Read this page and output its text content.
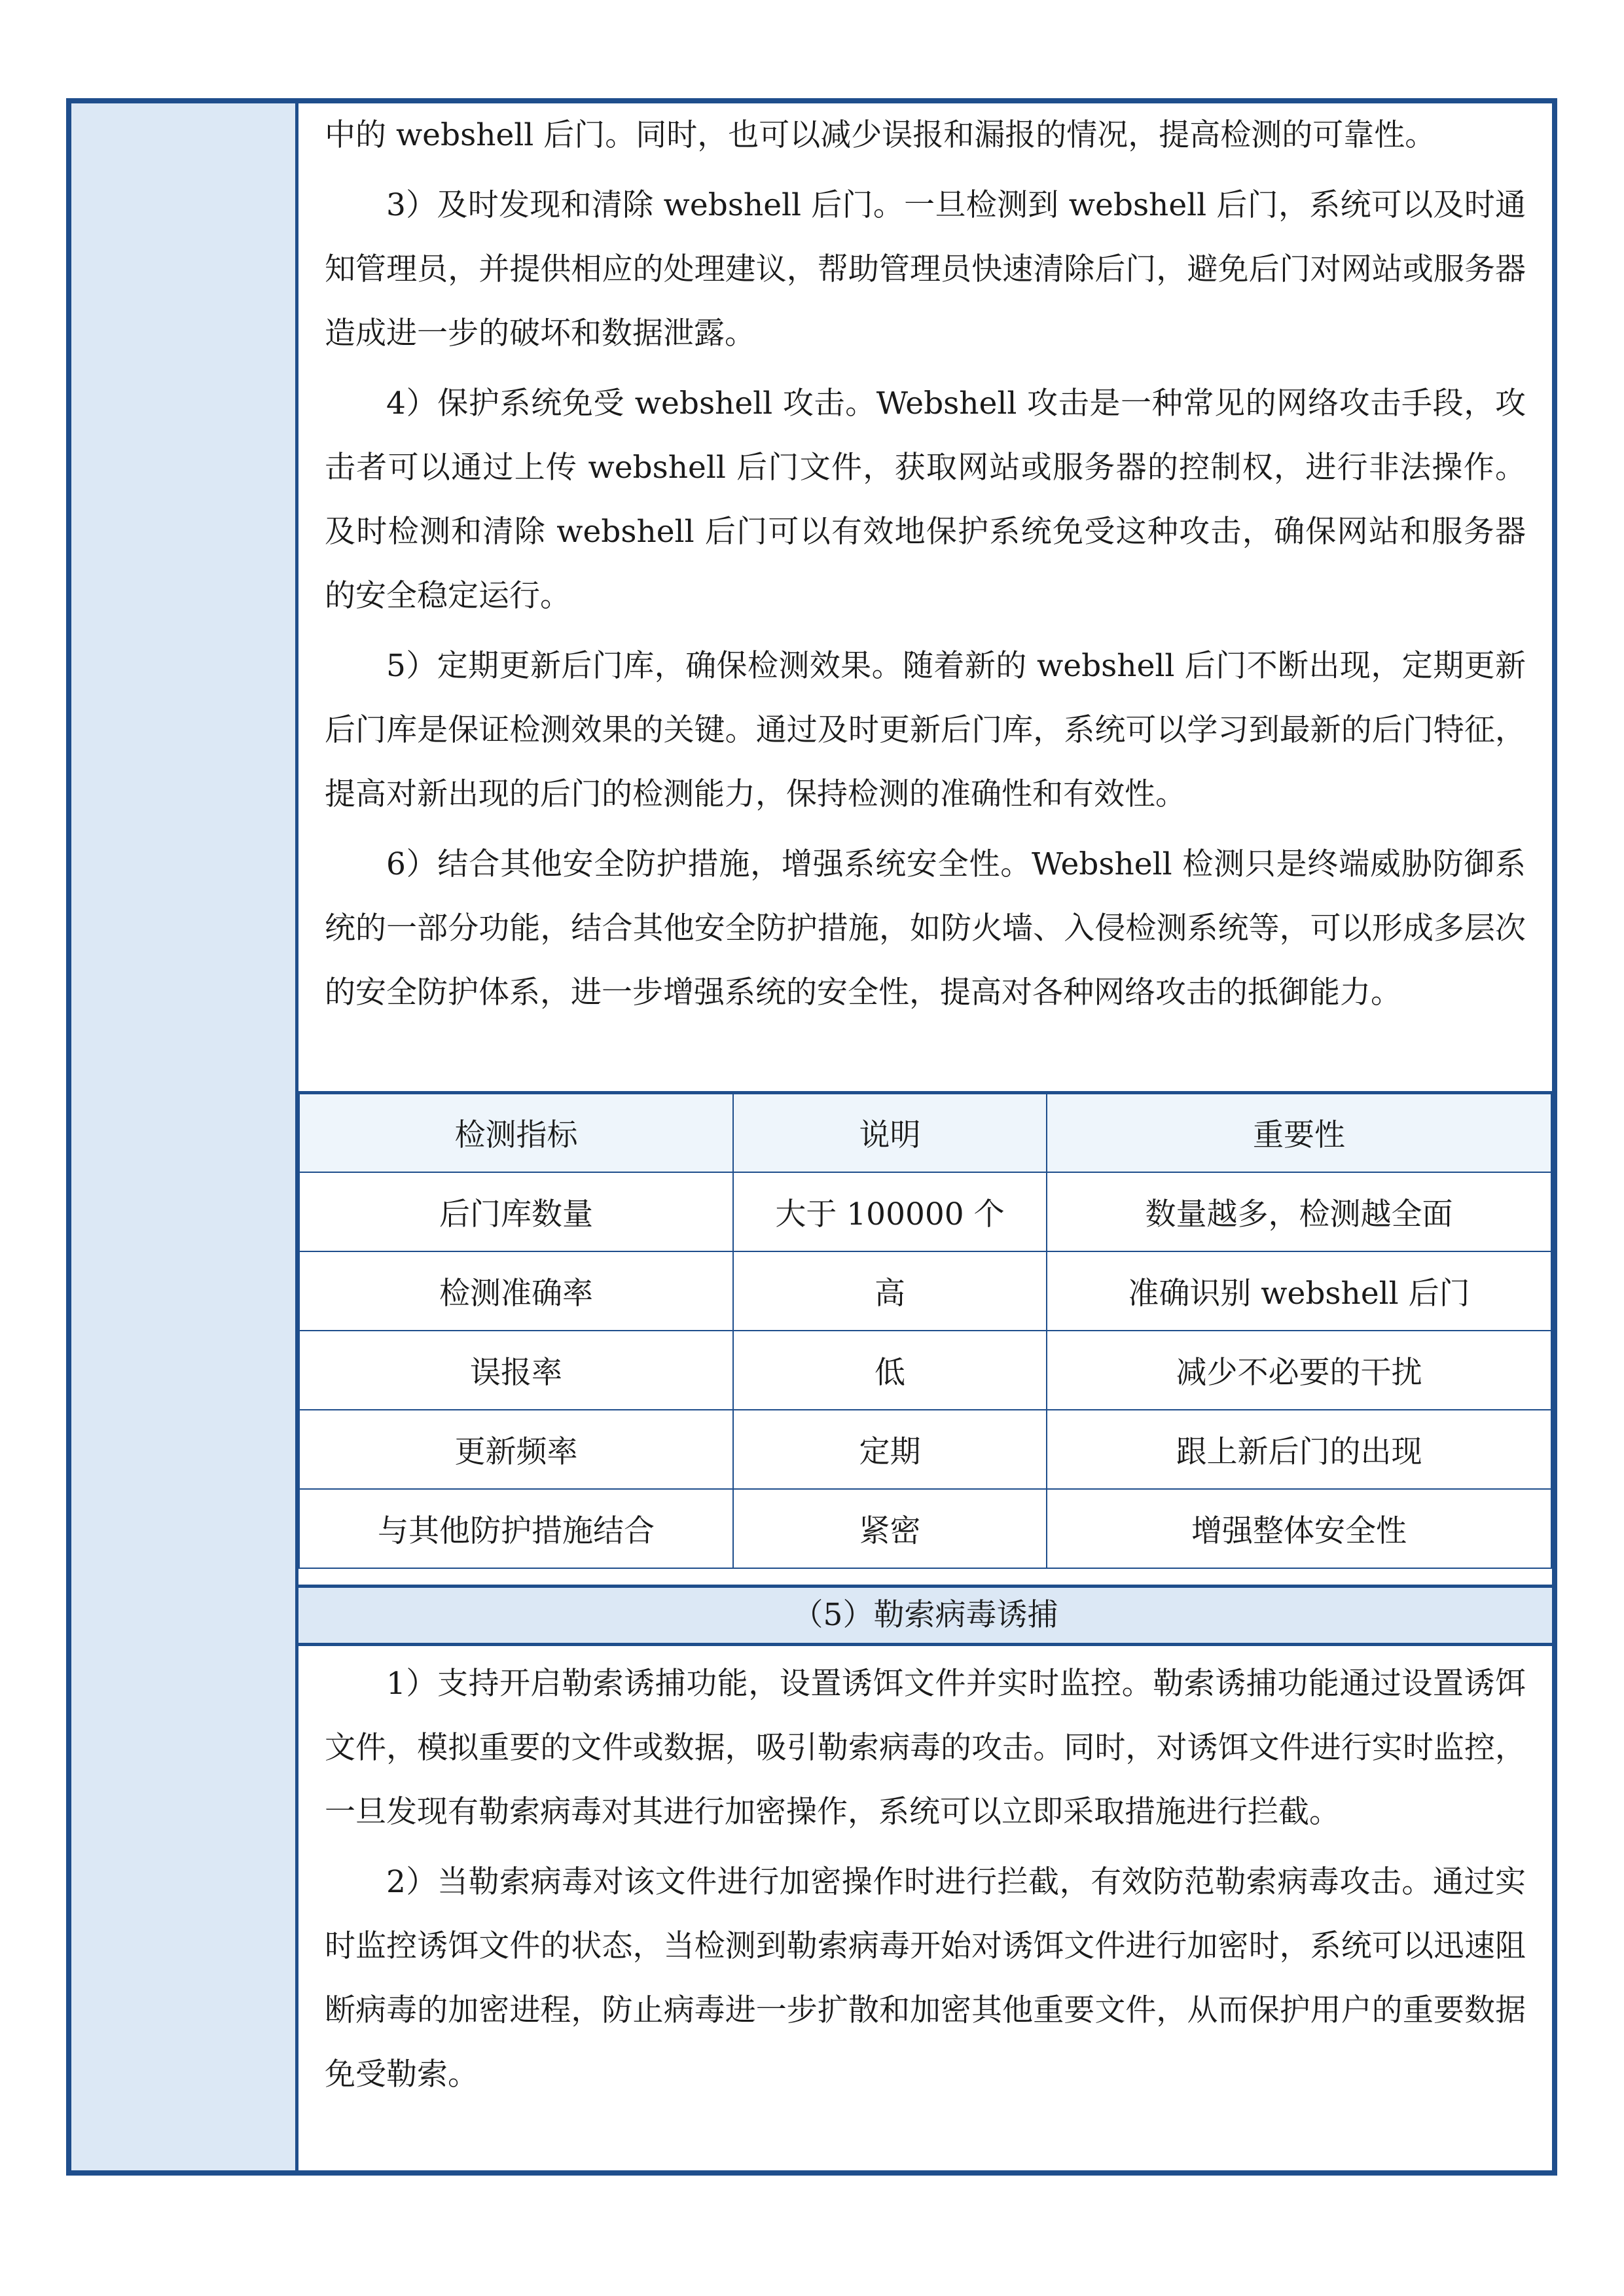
中的 webshell 后门。同时，也可以减少误报和漏报的情况，提高检测的可靠性。

3）及时发现和清除 webshell 后门。一旦检测到 webshell 后门，系统可以及时通知管理员，并提供相应的处理建议，帮助管理员快速清除后门，避免后门对网站或服务器造成进一步的破坏和数据泄露。

4）保护系统免受 webshell 攻击。Webshell 攻击是一种常见的网络攻击手段，攻击者可以通过上传 webshell 后门文件，获取网站或服务器的控制权，进行非法操作。及时检测和清除 webshell 后门可以有效地保护系统免受这种攻击，确保网站和服务器的安全稳定运行。

5）定期更新后门库，确保检测效果。随着新的 webshell 后门不断出现，定期更新后门库是保证检测效果的关键。通过及时更新后门库，系统可以学习到最新的后门特征，提高对新出现的后门的检测能力，保持检测的准确性和有效性。

6）结合其他安全防护措施，增强系统安全性。Webshell 检测只是终端威胁防御系统的一部分功能，结合其他安全防护措施，如防火墙、入侵检测系统等，可以形成多层次的安全防护体系，进一步增强系统的安全性，提高对各种网络攻击的抵御能力。

检测指标	说明	重要性
后门库数量	大于 100000 个	数量越多，检测越全面
检测准确率	高	准确识别 webshell 后门
误报率	低	减少不必要的干扰
更新频率	定期	跟上新后门的出现
与其他防护措施结合	紧密	增强整体安全性
（5）勒索病毒诱捕

1）支持开启勒索诱捕功能，设置诱饵文件并实时监控。勒索诱捕功能通过设置诱饵文件，模拟重要的文件或数据，吸引勒索病毒的攻击。同时，对诱饵文件进行实时监控，一旦发现有勒索病毒对其进行加密操作，系统可以立即采取措施进行拦截。

2）当勒索病毒对该文件进行加密操作时进行拦截，有效防范勒索病毒攻击。通过实时监控诱饵文件的状态，当检测到勒索病毒开始对诱饵文件进行加密时，系统可以迅速阻断病毒的加密进程，防止病毒进一步扩散和加密其他重要文件，从而保护用户的重要数据免受勒索。
